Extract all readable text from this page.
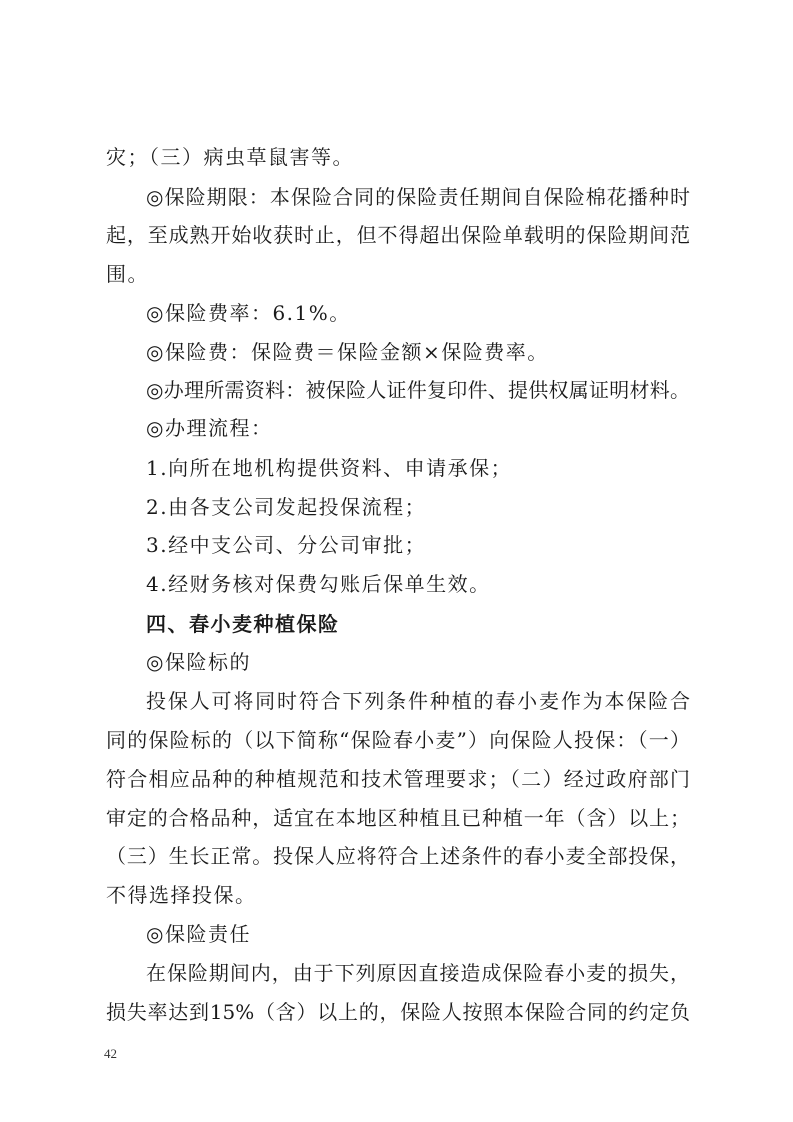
灾；（三）病虫草鼠害等。
◎保险期限：本保险合同的保险责任期间自保险棉花播种时
起，至成熟开始收获时止，但不得超出保险单载明的保险期间范
围。
◎保险费率：6.1%。
◎保险费：保险费＝保险金额×保险费率。
◎办理所需资料：被保险人证件复印件、提供权属证明材料。
◎办理流程：
1.向所在地机构提供资料、申请承保；
2.由各支公司发起投保流程；
3.经中支公司、分公司审批；
4.经财务核对保费勾账后保单生效。
四、春小麦种植保险
◎保险标的
投保人可将同时符合下列条件种植的春小麦作为本保险合
同的保险标的（以下简称“保险春小麦”）向保险人投保：（一）
符合相应品种的种植规范和技术管理要求；（二）经过政府部门
审定的合格品种，适宜在本地区种植且已种植一年（含）以上；
（三）生长正常。投保人应将符合上述条件的春小麦全部投保，
不得选择投保。
◎保险责任
在保险期间内，由于下列原因直接造成保险春小麦的损失，
损失率达到15%（含）以上的，保险人按照本保险合同的约定负
42
